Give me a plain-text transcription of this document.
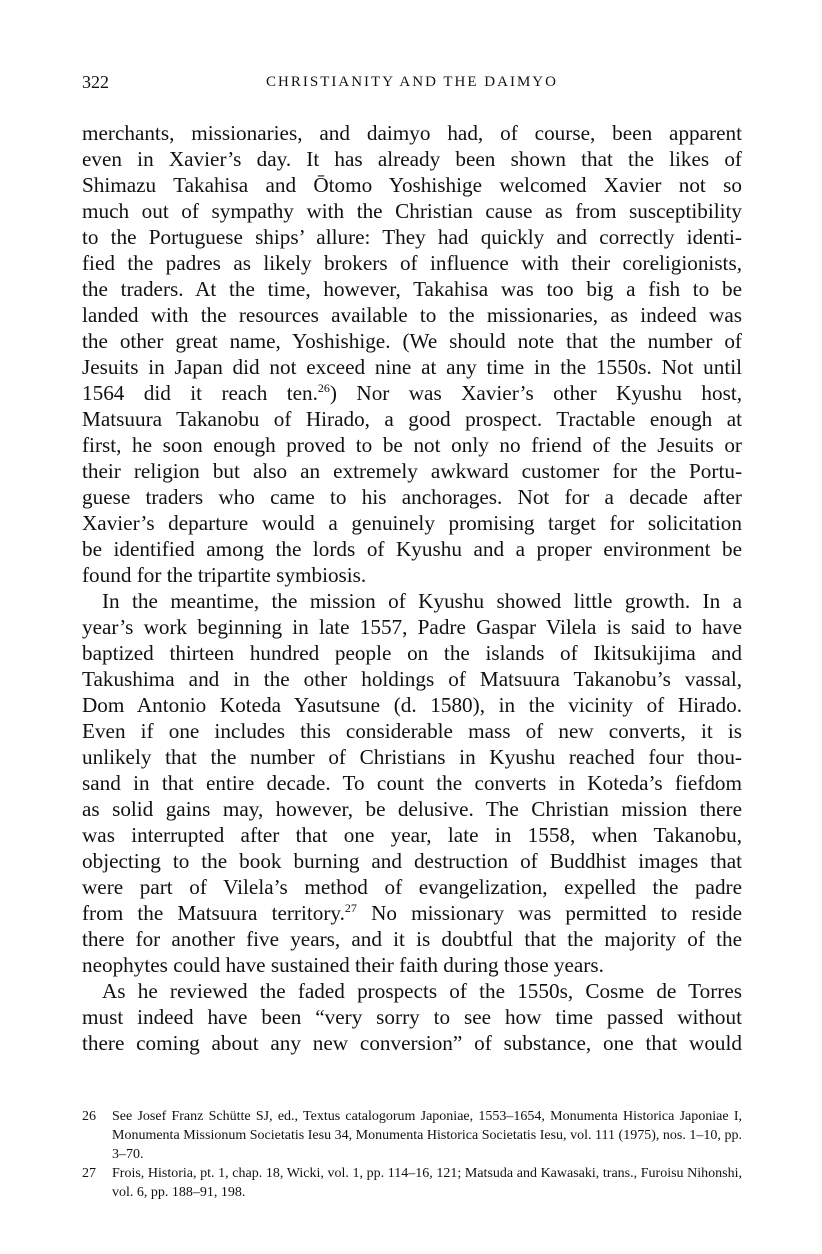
322	CHRISTIANITY AND THE DAIMYO
merchants, missionaries, and daimyo had, of course, been apparent
even in Xavier’s day. It has already been shown that the likes of
Shimazu Takahisa and Ōtomo Yoshishige welcomed Xavier not so
much out of sympathy with the Christian cause as from susceptibility
to the Portuguese ships’ allure: They had quickly and correctly identi-
fied the padres as likely brokers of influence with their coreligionists,
the traders. At the time, however, Takahisa was too big a fish to be
landed with the resources available to the missionaries, as indeed was
the other great name, Yoshishige. (We should note that the number of
Jesuits in Japan did not exceed nine at any time in the 1550s. Not until
1564 did it reach ten.$^{26}$) Nor was Xavier’s other Kyushu host,
Matsuura Takanobu of Hirado, a good prospect. Tractable enough at
first, he soon enough proved to be not only no friend of the Jesuits or
their religion but also an extremely awkward customer for the Portu-
guese traders who came to his anchorages. Not for a decade after
Xavier’s departure would a genuinely promising target for solicitation
be identified among the lords of Kyushu and a proper environment be
found for the tripartite symbiosis.
In the meantime, the mission of Kyushu showed little growth. In a
year’s work beginning in late 1557, Padre Gaspar Vilela is said to have
baptized thirteen hundred people on the islands of Ikitsukijima and
Takushima and in the other holdings of Matsuura Takanobu’s vassal,
Dom Antonio Koteda Yasutsune (d. 1580), in the vicinity of Hirado.
Even if one includes this considerable mass of new converts, it is
unlikely that the number of Christians in Kyushu reached four thou-
sand in that entire decade. To count the converts in Koteda’s fiefdom
as solid gains may, however, be delusive. The Christian mission there
was interrupted after that one year, late in 1558, when Takanobu,
objecting to the book burning and destruction of Buddhist images that
were part of Vilela’s method of evangelization, expelled the padre
from the Matsuura territory.$^{27}$ No missionary was permitted to reside
there for another five years, and it is doubtful that the majority of the
neophytes could have sustained their faith during those years.
As he reviewed the faded prospects of the 1550s, Cosme de Torres
must indeed have been “very sorry to see how time passed without
there coming about any new conversion” of substance, one that would
26 See Josef Franz Schütte SJ, ed., Textus catalogorum Japoniae, 1553–1654, Monumenta Historica Japoniae I, Monumenta Missionum Societatis Iesu 34, Monumenta Historica Societatis Iesu, vol. 111 (1975), nos. 1–10, pp. 3–70.
27 Frois, Historia, pt. 1, chap. 18, Wicki, vol. 1, pp. 114–16, 121; Matsuda and Kawasaki, trans., Furoisu Nihonshi, vol. 6, pp. 188–91, 198.
